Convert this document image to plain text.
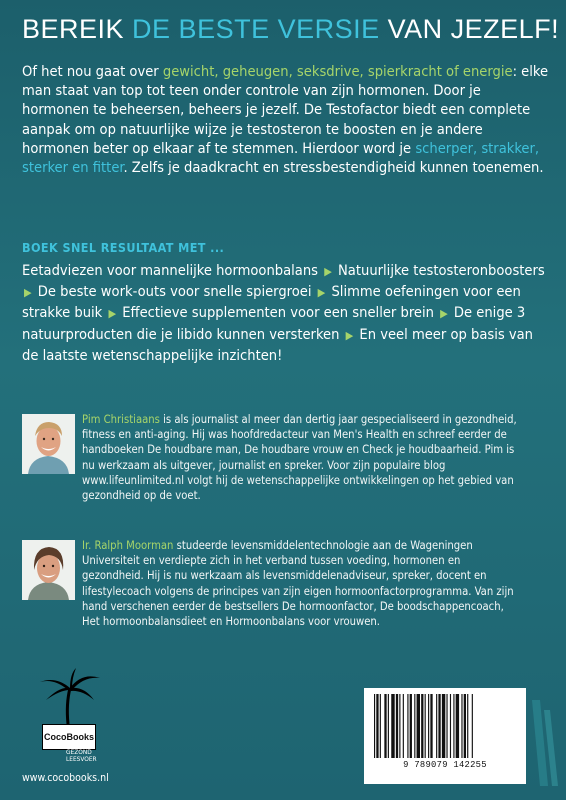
BEREIK DE BESTE VERSIE VAN JEZELF!
Of het nou gaat over gewicht, geheugen, seksdrive, spierkracht of energie: elke man staat van top tot teen onder controle van zijn hormonen. Door je hormonen te beheersen, beheers je jezelf. De Testofactor biedt een complete aanpak om op natuurlijke wijze je testosteron te boosten en je andere hormonen beter op elkaar af te stemmen. Hierdoor word je scherper, strakker, sterker en fitter. Zelfs je daadkracht en stressbestendigheid kunnen toenemen.
BOEK SNEL RESULTAAT MET ...
Eetadviezen voor mannelijke hormoonbalans ▶ Natuurlijke testosteronboosters ▶ De beste work-outs voor snelle spiergroei ▶ Slimme oefeningen voor een strakke buik ▶ Effectieve supplementen voor een sneller brein ▶ De enige 3 natuurproducten die je libido kunnen versterken ▶ En veel meer op basis van de laatste wetenschappelijke inzichten!
Pim Christiaans is als journalist al meer dan dertig jaar gespecialiseerd in gezondheid, fitness en anti-aging. Hij was hoofdredacteur van Men's Health en schreef eerder de handboeken De houdbare man, De houdbare vrouw en Check je houdbaarheid. Pim is nu werkzaam als uitgever, journalist en spreker. Voor zijn populaire blog www.lifeunlimited.nl volgt hij de wetenschappelijke ontwikkelingen op het gebied van gezondheid op de voet.
Ir. Ralph Moorman studeerde levensmiddelentechnologie aan de Wageningen Universiteit en verdiepte zich in het verband tussen voeding, hormonen en gezondheid. Hij is nu werkzaam als levensmiddelenadviseur, spreker, docent en lifestylecoach volgens de principes van zijn eigen hormoonfactorprogramma. Van zijn hand verschenen eerder de bestsellers De hormoonfactor, De boodschappencoach, Het hormoonbalansdieet en Hormoonbalans voor vrouwen.
CocoBooks
GEZOND
LEESVOER
www.cocobooks.nl
9 789079 142255
